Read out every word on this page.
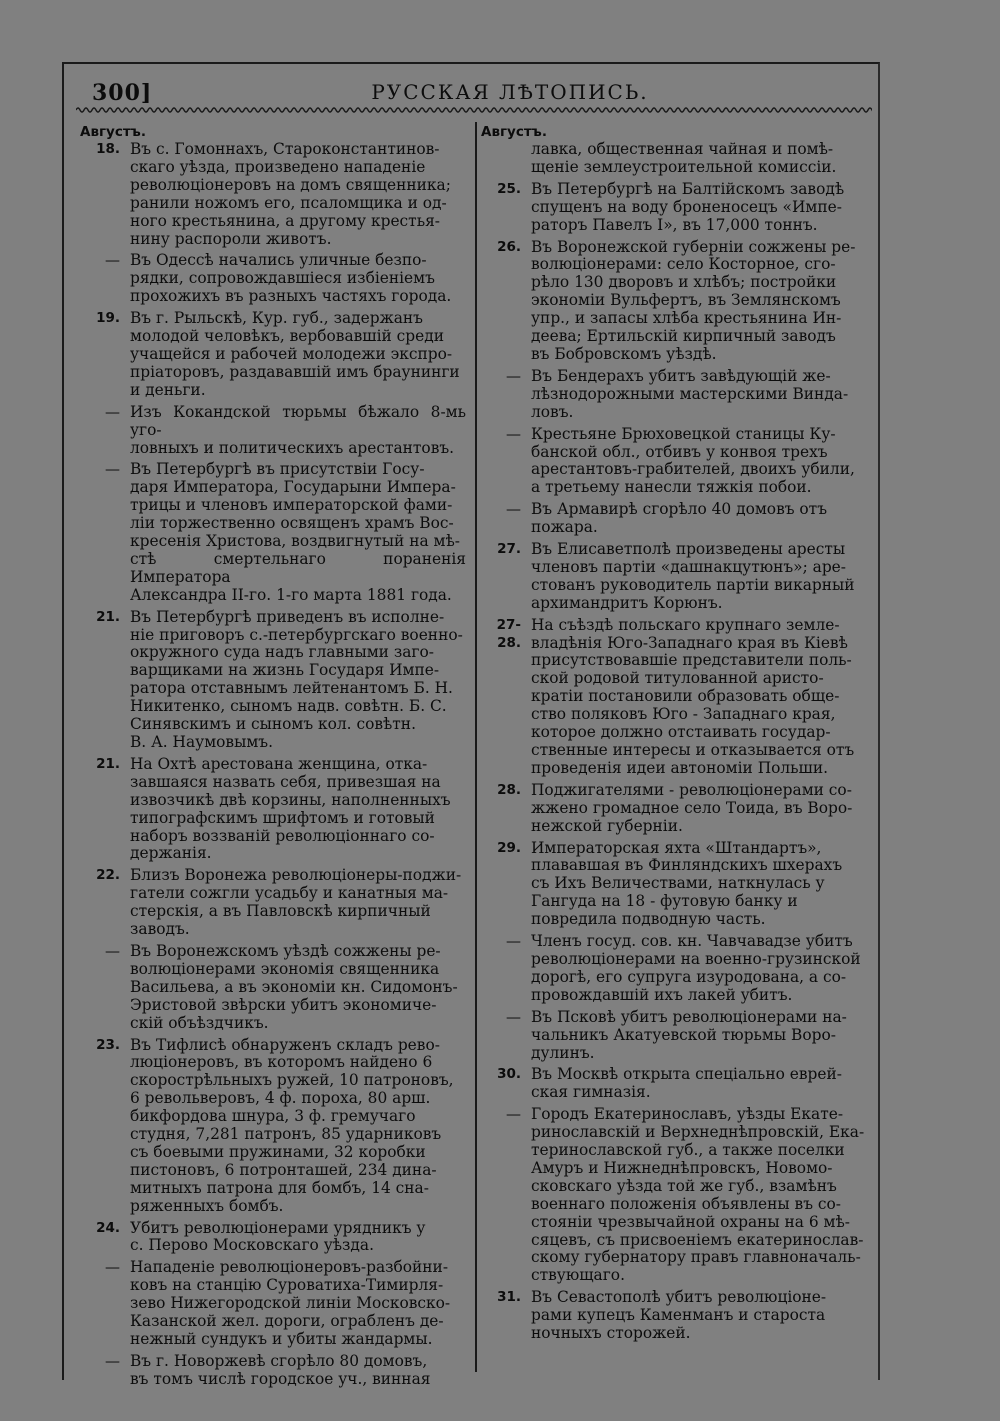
300]	РУССКАЯ ЛѢТОПИСЬ.
Августъ.
18. Въ с. Гомоннахъ, Староконстантинов-
скаго уѣзда, произведено нападеніе
революціонеровъ на домъ священника;
ранили ножомъ его, псаломщика и од-
ного крестьянина, а другому крестья-
нину распороли животъ.
— Въ Одессѣ начались уличные безпо-
рядки, сопровождавшіеся избіеніемъ
прохожихъ въ разныхъ частяхъ города.
19. Въ г. Рыльскѣ, Кур. губ., задержанъ
молодой человѣкъ, вербовавшій среди
учащейся и рабочей молодежи экспро-
пріаторовъ, раздававшій имъ браунинги
и деньги.
— Изъ Кокандской тюрьмы бѣжало 8-мь уго-
ловныхъ и политическихъ арестантовъ.
— Въ Петербургѣ въ присутствіи Госу-
даря Императора, Государыни Импера-
трицы и членовъ императорской фами-
ліи торжественно освященъ храмъ Вос-
кресенія Христова, воздвигнутый на мѣ-
стѣ смертельнаго пораненія Императора
Александра II-го. 1-го марта 1881 года.
21. Въ Петербургѣ приведенъ въ исполне-
ніе приговоръ с.-петербургскаго военно-
окружного суда надъ главными заго-
варщиками на жизнь Государя Импе-
ратора отставнымъ лейтенантомъ Б. Н.
Никитенко, сыномъ надв. совѣтн. Б. С.
Синявскимъ и сыномъ кол. совѣтн.
В. А. Наумовымъ.
21. На Охтѣ арестована женщина, отка-
завшаяся назвать себя, привезшая на
извозчикѣ двѣ корзины, наполненныхъ
типографскимъ шрифтомъ и готовый
наборъ воззваній революціоннаго со-
держанія.
22. Близъ Воронежа революціонеры-поджи-
гатели сожгли усадьбу и канатныя ма-
стерскія, а въ Павловскѣ кирпичный
заводъ.
— Въ Воронежскомъ уѣздѣ сожжены ре-
волюціонерами экономія священника
Васильева, а въ экономіи кн. Сидомонъ-
Эристовой звѣрски убитъ экономиче-
скій объѣздчикъ.
23. Въ Тифлисѣ обнаруженъ складъ рево-
люціонеровъ, въ которомъ найдено 6
скорострѣльныхъ ружей, 10 патроновъ,
6 револьверовъ, 4 ф. пороха, 80 арш.
бикфордова шнура, 3 ф. гремучаго
студня, 7,281 патронъ, 85 ударниковъ
съ боевыми пружинами, 32 коробки
пистоновъ, 6 потронташей, 234 дина-
митныхъ патрона для бомбъ, 14 сна-
ряженныхъ бомбъ.
24. Убитъ революціонерами урядникъ у
с. Перово Московскаго уѣзда.
— Нападеніе революціонеровъ-разбойни-
ковъ на станцію Суроватиха-Тимирля-
зево Нижегородской линіи Московско-
Казанской жел. дороги, ограбленъ де-
нежный сундукъ и убиты жандармы.
— Въ г. Новоржевѣ сгорѣло 80 домовъ,
въ томъ числѣ городское уч., винная
Августъ.
лавка, общественная чайная и помѣ-
щеніе землеустроительной комиссіи.
25. Въ Петербургѣ на Балтійскомъ заводѣ
спущенъ на воду броненосецъ «Импе-
раторъ Павелъ I», въ 17,000 тоннъ.
26. Въ Воронежской губерніи сожжены ре-
волюціонерами: село Косторное, сго-
рѣло 130 дворовъ и хлѣбъ; постройки
экономіи Вульфертъ, въ Землянскомъ
упр., и запасы хлѣба крестьянина Ин-
деева; Ертильскій кирпичный заводъ
въ Бобровскомъ уѣздѣ.
— Въ Бендерахъ убитъ завѣдующій же-
лѣзнодорожными мастерскими Винда-
ловъ.
— Крестьяне Брюховецкой станицы Ку-
банской обл., отбивъ у конвоя трехъ
арестантовъ-грабителей, двоихъ убили,
а третьему нанесли тяжкія побои.
— Въ Армавирѣ сгорѣло 40 домовъ отъ
пожара.
27. Въ Елисаветполѣ произведены аресты
членовъ партіи «дашнакцутюнъ»; аре-
стованъ руководитель партіи викарный
архимандритъ Корюнъ.
27-28.
На съѣздѣ польскаго крупнаго земле-
владѣнія Юго-Западнаго края въ Кіевѣ
присутствовавшіе представители поль-
ской родовой титулованной аристо-
кратіи постановили образовать обще-
ство поляковъ Юго - Западнаго края,
которое должно отстаивать государ-
ственные интересы и отказывается отъ
проведенія идеи автономіи Польши.
28. Поджигателями - революціонерами со-
жжено громадное село Тоида, въ Воро-
нежской губерніи.
29. Императорская яхта «Штандартъ»,
плававшая въ Финляндскихъ шхерахъ
съ Ихъ Величествами, наткнулась у
Гангуда на 18 - футовую банку и
повредила подводную часть.
— Членъ госуд. сов. кн. Чавчавадзе убитъ
революціонерами на военно-грузинской
дорогѣ, его супруга изуродована, а со-
провождавшій ихъ лакей убитъ.
— Въ Псковѣ убитъ революціонерами на-
чальникъ Акатуевской тюрьмы Воро-
дулинъ.
30. Въ Москвѣ открыта спеціально еврей-
ская гимназія.
— Городъ Екатеринославъ, уѣзды Екате-
ринославскій и Верхнеднѣпровскій, Ека-
теринославской губ., а также поселки
Амуръ и Нижнеднѣпровскъ, Новомо-
сковскаго уѣзда той же губ., взамѣнъ
военнаго положенія объявлены въ со-
стояніи чрезвычайной охраны на 6 мѣ-
сяцевъ, съ присвоеніемъ екатеринослав-
скому губернатору правъ главноначаль-
ствующаго.
31. Въ Севастополѣ убитъ революціоне-
рами купецъ Каменманъ и староста
ночныхъ сторожей.
